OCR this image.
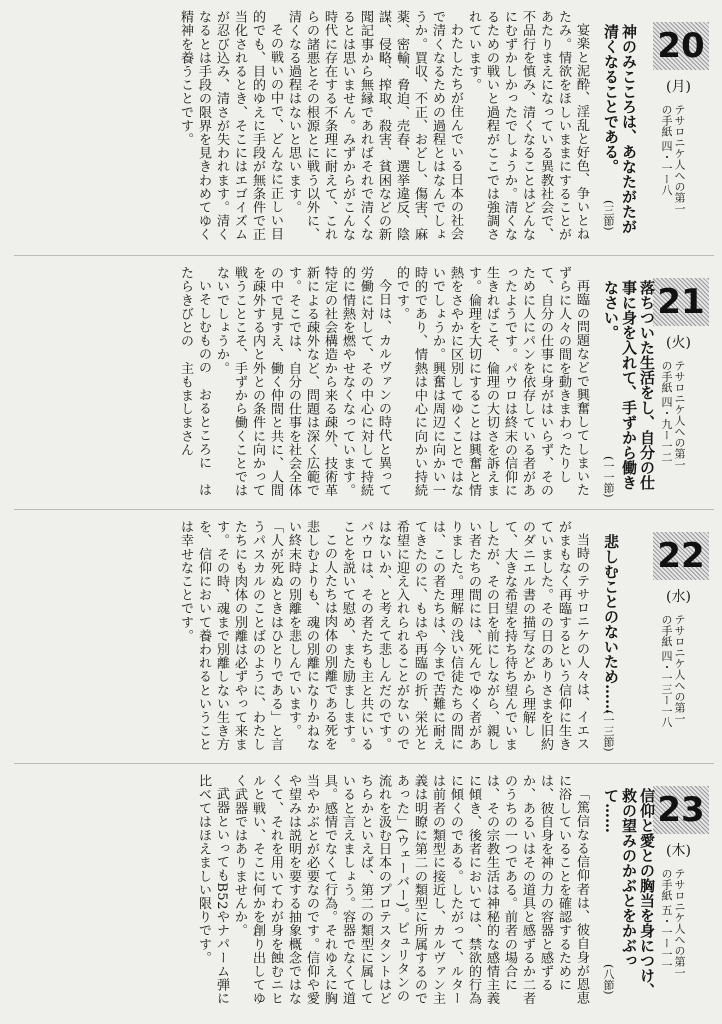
20
(月)
テサロニケ人への第一の手紙 四・一ー八
神のみこころは、あなたがたが清くなることである。
(三節)

宴楽と泥酔、淫乱と好色、争いとねたみ。情欲をほしいままにすることがあたりまえになっている異教社会で、不品行を慎み、清くなることはどんなにむずかしかったでしょうか。清くなるための戦いと過程がここでは強調されています。

わたしたちが住んでいる日本の社会で清くなるための過程とはなんでしょうか。買収、不正、おどし、傷害、麻薬、密輸、脅迫、売春、選挙違反、陰謀、侵略、搾取、殺害、貧困などの新聞記事から無縁であればそれで清くなるとは思いません。みずからがこんな時代に存在する不条理に耐えて、これらの諸悪とその根源とに戦う以外に、清くなる過程はないと思います。

その戦いの中で、どんなに正しい目的でも、目的ゆえに手段が無条件で正当化されるとき、そこにはエゴイズムが忍び込み、清さが失われます。清くなるとは手段の限界を見きわめてゆく精神を養うことです。

21
(火)
テサロニケ人への第一の手紙 四・九ー一二
落ちついた生活をし、自分の仕事に身を入れて、手ずから働きなさい。
(一一節)

再臨の問題などで興奮してしまいたずらに人々の間を動きまわったりして、自分の仕事に身がはいらず、そのために人にパンを依存している者があったようです。パウロは終末の信仰に生きればこそ、倫理の大切さを訴えます。倫理を大切にすることは興奮と情熱をさやかに区別してゆくことではないでしょうか。興奮は周辺に向かい一時的であり、情熱は中心に向かい持続的です。

今日は、カルヴァンの時代と異って労働に対して、その中心に対して持続的に情熱を燃やせなくなっています。特定の社会構造から来る疎外、技術革新による疎外など、問題は深く広範です。そこでは、自分の仕事を社会全体の中で見すえ、働く仲間と共に、人間を疎外する内と外との条件に向かって戦うことこそ、手ずから働くことではないでしょうか。

いそしむものの　おるところに　はたらきびとの　主もましまさん

22
(水)
テサロニケ人への第一の手紙 四・一三ー一八
悲しむことのないため……
(一三節)

当時のテサロニケの人々は、イエスがまもなく再臨するという信仰に生きていました。その日のありさまを旧約のダニエル書の描写などから理解して、大きな希望を持ち待ち望んでいましたが、その日を前にしながら、親しい者たちの間には、死んでゆく者がありました。理解の浅い信徒たちの間には、この者たちは、今まで苦難に耐えてきたのに、もはや再臨の折、栄光と希望に迎え入れられることがないのではないか、と考えて悲しんだのです。パウロは、その者たちも主と共にいることを説いて慰め、また励まします。

この人たちは肉体の別離である死を悲しむよりも、魂の別離になりかねない終末時の別離を悲しんでいます。「人が死ぬときはひとりである」と言うパスカルのことばのように、わたしたちにも肉体の別離は必ずやって来ます。その時、魂まで別離しない生き方を、信仰において養われるということは幸せなことです。

23
(木)
テサロニケ人への第一の手紙 五・一ー一一
信仰と愛との胸当を身につけ、救の望みのかぶとをかぶって……
(八節)

「篤信なる信仰者は、彼自身が恩恵に浴していることを確認するためには、彼自身を神の力の容器と感ずるか、あるいはその道具と感ずるか二者のうちの一つである。前者の場合には、その宗教生活は神秘的な感情主義に傾き、後者においては、禁欲的行為に傾くのである。したがって、ルターは前者の類型に接近し、カルヴァン主義は明瞭に第二の類型に所属するのであった」(ウェーバー)。ピュリタンの流れを汲む日本のプロテスタントはどちらかといえば、第二の類型に属していると言えましょう。容器でなくて道具。感情でなくて行為。それゆえに胸当やかぶとが必要なのです。信仰や愛や望みは説明を要する抽象概念ではなくて、それを用いてわが身を蝕むニヒルと戦い、そこに何かを創り出してゆく武器ではありませんか。

武器といってもB52やナパーム弾に比べてはほえましい限りです。
